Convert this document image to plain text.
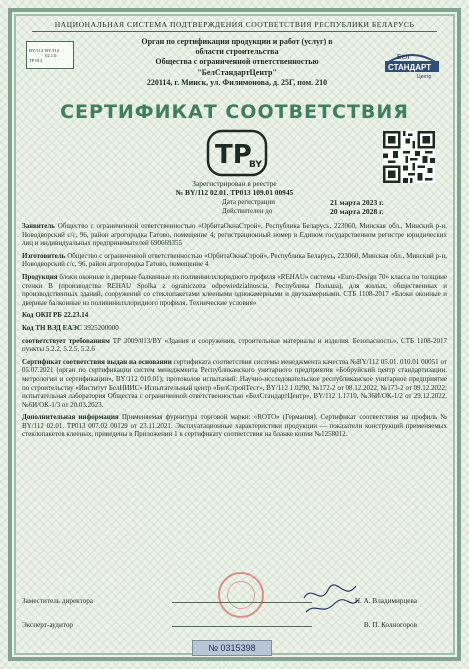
НАЦИОНАЛЬНАЯ СИСТЕМА ПОДТВЕРЖДЕНИЯ СООТВЕТСТВИЯ РЕСПУБЛИКИ БЕЛАРУСЬ
BY/112 BY/112 02.1.0.
ТР 013
Орган по сертификации продукции и работ (услуг) в
области строительства
Общества с ограниченной ответственностью
"БелСтандартЦентр"
220114, г. Минск, ул. Филимонова, д. 25Г, пом. 210
Бел
СТАНДАРТ
Центр
СЕРТИФИКАТ СООТВЕТСТВИЯ
TP
BY
Зарегистрирован в реестре
№ BY/112 02.01. ТР013 109.01 00945
Дата регистрации	21 марта 2023 г.
Действителен до	20 марта 2028 г.

Заявитель Общество с ограниченной ответственностью «ОрбитаОкнаСтрой», Республика Беларусь, 223060, Минская обл., Минский р-н, Новодворский с/с, 96, район агрогородка Гатово, помещение 4; регистрационный номер в Едином государственном регистре юридических лиц и индивидуальных предпринимателей 690669355

Изготовитель Общество с ограниченной ответственностью «ОрбитаОкнаСтрой», Республика Беларусь, 223060, Минская обл., Минский р-н, Новодворский с/с, 96, район агрогородка Гатово, помещение 4

Продукция блоки оконные и дверные балконные из поливинилхлоридного профиля «REHAU» системы «Euro-Design 70» класса по толщине стенки В (производства REHAU Spolka z ograniczona odpowiedzialnoscia, Республика Польша), для жилых, общественных и производственных зданий, сооружений со стеклопакетами клееными однокамерными и двухкамерными. СТБ 1108-2017 «Блоки оконные и дверные балконные из поливинилхлоридного профиля. Технические условия»

Код ОКП РБ 22.23.14

Код ТН ВЭД ЕАЭС 3925200000

соответствует требованиям ТР 2009/013/BY «Здания и сооружения, строительные материалы и изделия. Безопасность», СТБ 1108-2017 пункты 5.2.2, 5.2.5, 5.2.6

Сертификат соответствия выдан на основании сертификата соответствия системы менеджмента качества №BY/112 05.01. 010.01 00051 от 05.07.2021 (орган по сертификации систем менеджмента Республиканского унитарного предприятия «Бобруйский центр стандартизации, метрологии и сертификации», BY/112 010.01); протоколов испытаний: Научно-исследовательское республиканское унитарное предприятие по строительству «Институт БелНИИС» Испытательный центр «БелСтройТест», BY/112 1.0290, №172-2 от 08.12.2022, №173-2 от 09.12.2022; испытательная лаборатория Общества с ограниченной ответственностью «БелСтандартЦентр», BY/112 1.1710, №36И/ОК-1/2 от 29.12.2022, №6И/ОК-1/3 от 20.03.2023.

Дополнительная информация Применяемая фурнитура торговой марки: «ROTO» (Германия). Сертификат соответствия на профиль № BY/112 02.01. ТР013 007.02 00129 от 23.11.2021. Эксплуатационные характеристики продукции — показатели конструкций применяемых стеклопакетов клееных, приведены в Приложении 1 к сертификату соответствия на бланке копии №1258012.

Заместитель директора	Н. А. Владимирцева
Эксперт-аудитор	В. П. Колногоров
№ 0315398
